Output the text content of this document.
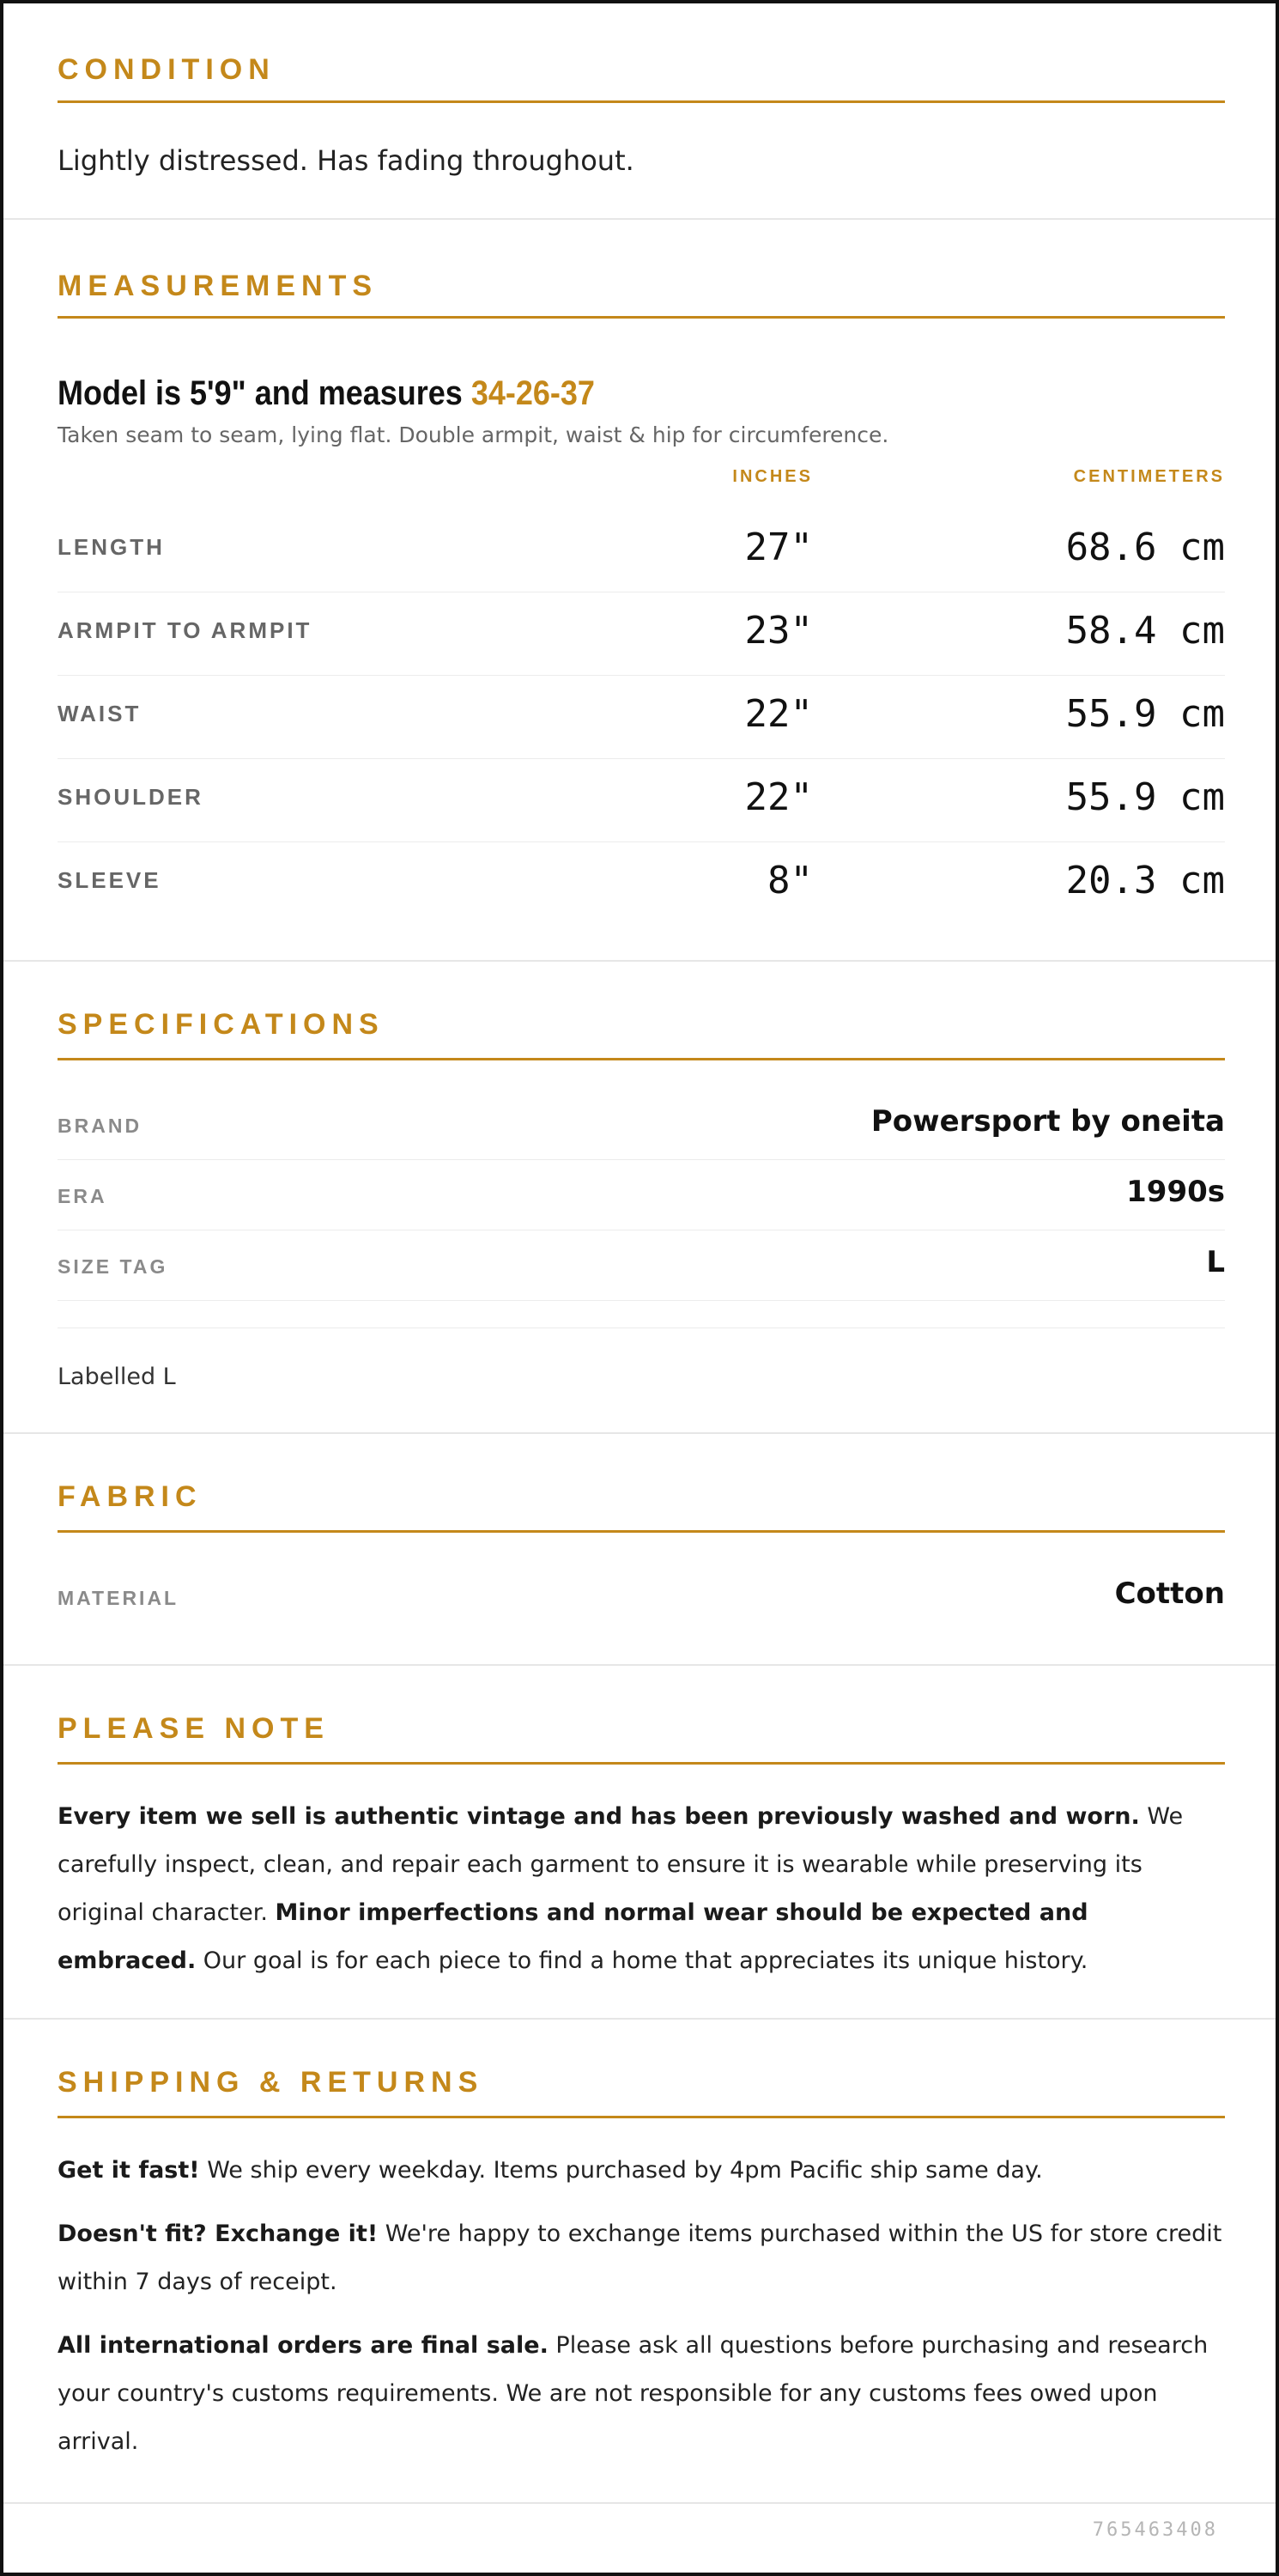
CONDITION
Lightly distressed. Has fading throughout.
MEASUREMENTS
Model is 5'9" and measures 34-26-37
Taken seam to seam, lying flat. Double armpit, waist & hip for circumference.
INCHES	CENTIMETERS
LENGTH	27"	68.6 cm
ARMPIT TO ARMPIT	23"	58.4 cm
WAIST	22"	55.9 cm
SHOULDER	22"	55.9 cm
SLEEVE	8"	20.3 cm
SPECIFICATIONS
BRAND	Powersport by oneita
ERA	1990s
SIZE TAG	L
Labelled L
FABRIC
MATERIAL	Cotton
PLEASE NOTE
Every item we sell is authentic vintage and has been previously washed and worn. We carefully inspect, clean, and repair each garment to ensure it is wearable while preserving its original character. Minor imperfections and normal wear should be expected and embraced. Our goal is for each piece to find a home that appreciates its unique history.
SHIPPING & RETURNS
Get it fast! We ship every weekday. Items purchased by 4pm Pacific ship same day.
Doesn't fit? Exchange it! We're happy to exchange items purchased within the US for store credit within 7 days of receipt.
All international orders are final sale. Please ask all questions before purchasing and research your country's customs requirements. We are not responsible for any customs fees owed upon arrival.
765463408
